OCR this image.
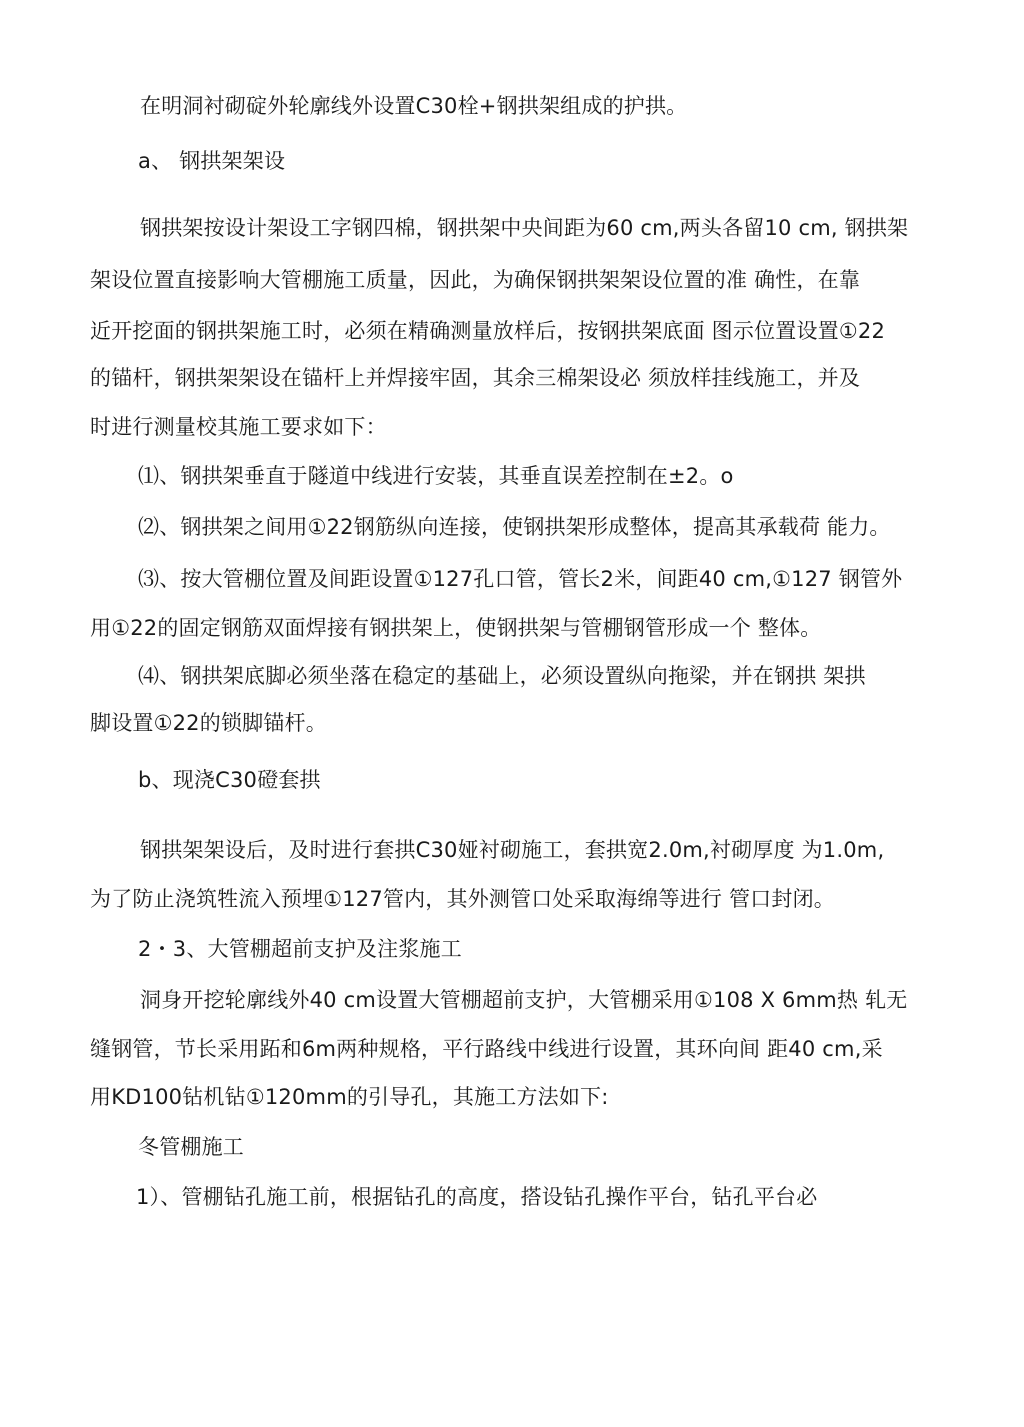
在明洞衬砌碇外轮廓线外设置C30栓+钢拱架组成的护拱。
a、 钢拱架架设
钢拱架按设计架设工字钢四棉，钢拱架中央间距为60 cm,两头各留10 cm, 钢拱架
架设位置直接影响大管棚施工质量，因此，为确保钢拱架架设位置的准 确性，在靠
近开挖面的钢拱架施工时，必须在精确测量放样后，按钢拱架底面 图示位置设置①22
的锚杆，钢拱架架设在锚杆上并焊接牢固，其余三棉架设必 须放样挂线施工，并及
时进行测量校其施工要求如下：
⑴、钢拱架垂直于隧道中线进行安装，其垂直误差控制在±2。o
⑵、钢拱架之间用①22钢筋纵向连接，使钢拱架形成整体，提高其承载荷 能力。
⑶、按大管棚位置及间距设置①127孔口管，管长2米，间距40 cm,①127 钢管外
用①22的固定钢筋双面焊接有钢拱架上，使钢拱架与管棚钢管形成一个 整体。
⑷、钢拱架底脚必须坐落在稳定的基础上，必须设置纵向拖梁，并在钢拱 架拱
脚设置①22的锁脚锚杆。
b、现浇C30磴套拱
钢拱架架设后，及时进行套拱C30娅衬砌施工，套拱宽2.0m,衬砌厚度 为1.0m,
为了防止浇筑牲流入预埋①127管内，其外测管口处采取海绵等进行 管口封闭。
2・3、大管棚超前支护及注浆施工
洞身开挖轮廓线外40 cm设置大管棚超前支护，大管棚采用①108 X 6mm热 轧无
缝钢管，节长采用跖和6m两种规格，平行路线中线进行设置，其环向间 距40 cm,采
用KD100钻机钻①120mm的引导孔，其施工方法如下:
冬管棚施工
1）、管棚钻孔施工前，根据钻孔的高度，搭设钻孔操作平台，钻孔平台必
